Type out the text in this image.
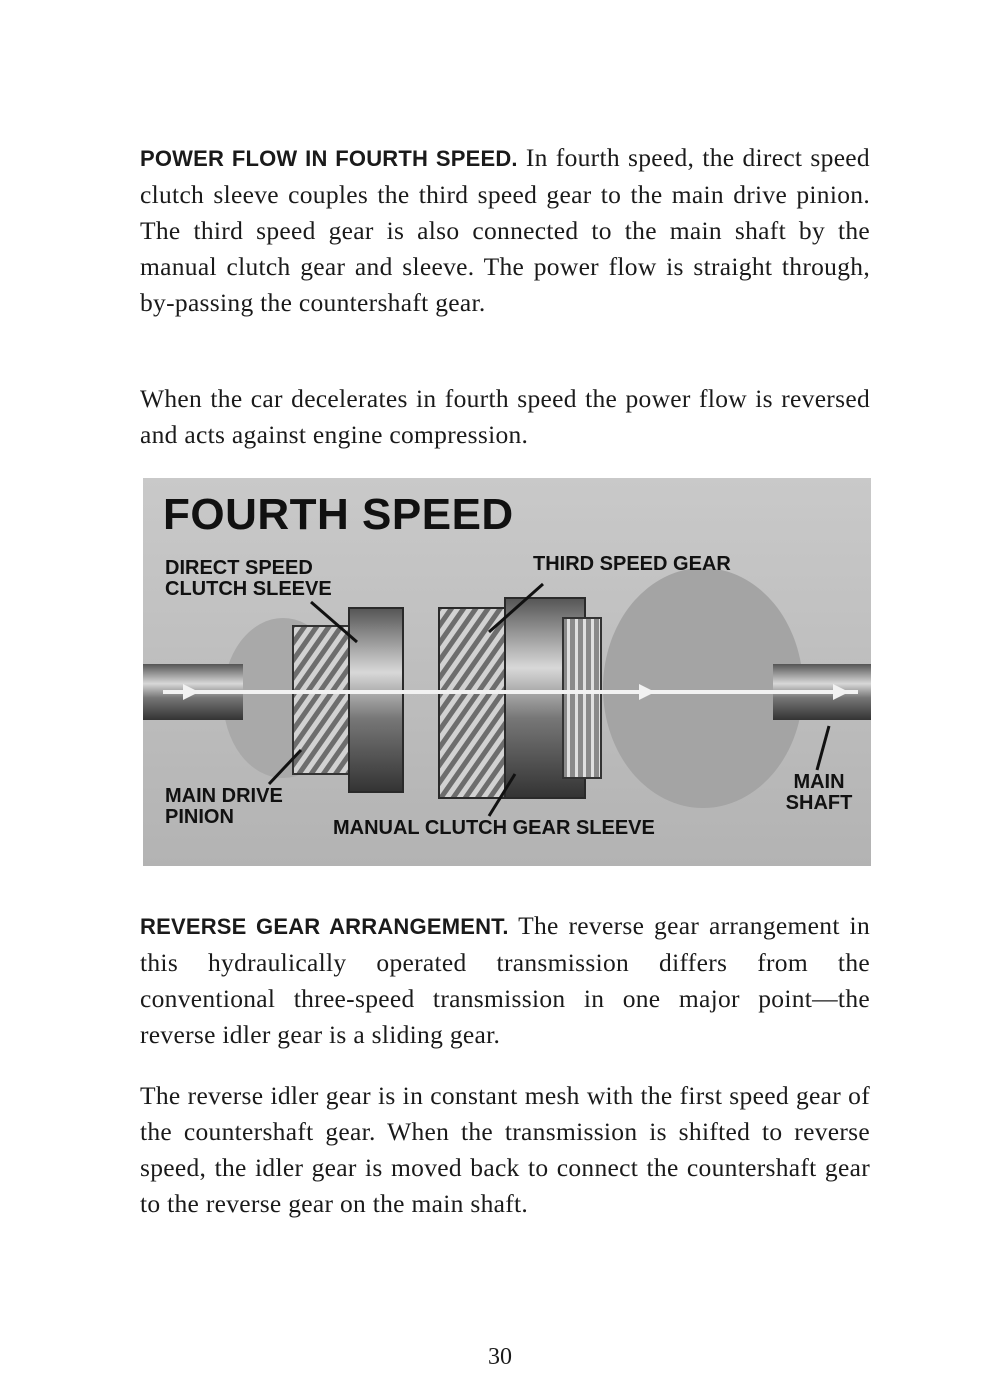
POWER FLOW IN FOURTH SPEED. In fourth speed, the direct speed clutch sleeve couples the third speed gear to the main drive pinion. The third speed gear is also connected to the main shaft by the manual clutch gear and sleeve. The power flow is straight through, by-passing the countershaft gear.

When the car decelerates in fourth speed the power flow is reversed and acts against engine compression.

FOURTH SPEED
DIRECT SPEED CLUTCH SLEEVE
THIRD SPEED GEAR
MAIN DRIVE PINION	MANUAL CLUTCH GEAR SLEEVE
MAIN SHAFT

REVERSE GEAR ARRANGEMENT. The reverse gear arrangement in this hydraulically operated transmission differs from the conventional three-speed transmission in one major point—the reverse idler gear is a sliding gear.

The reverse idler gear is in constant mesh with the first speed gear of the countershaft gear. When the transmission is shifted to reverse speed, the idler gear is moved back to connect the countershaft gear to the reverse gear on the main shaft.

30
